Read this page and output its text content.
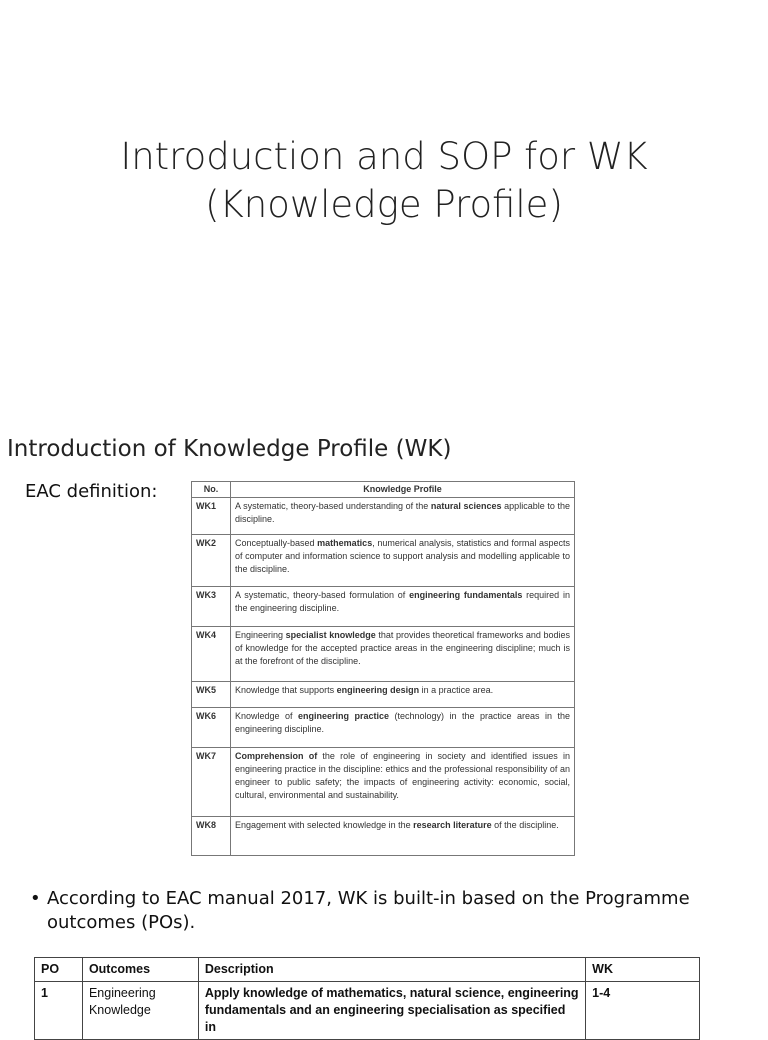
Introduction and SOP for WK
(Knowledge Profile)
Introduction of Knowledge Profile (WK)
EAC definition:	No.	Knowledge Profile
WK1	A systematic, theory-based understanding of the natural sciences applicable to the discipline.
WK2	Conceptually-based mathematics, numerical analysis, statistics and formal aspects of computer and information science to support analysis and modelling applicable to the discipline.
WK3	A systematic, theory-based formulation of engineering fundamentals required in the engineering discipline.
WK4	Engineering specialist knowledge that provides theoretical frameworks and bodies of knowledge for the accepted practice areas in the engineering discipline; much is at the forefront of the discipline.
WK5	Knowledge that supports engineering design in a practice area.
WK6	Knowledge of engineering practice (technology) in the practice areas in the engineering discipline.
WK7	Comprehension of the role of engineering in society and identified issues in engineering practice in the discipline: ethics and the professional responsibility of an engineer to public safety; the impacts of engineering activity: economic, social, cultural, environmental and sustainability.
WK8	Engagement with selected knowledge in the research literature of the discipline.
• According to EAC manual 2017, WK is built-in based on the Programme outcomes (POs).
PO	Outcomes	Description	WK
1	Engineering Knowledge	Apply knowledge of mathematics, natural science, engineering fundamentals and an engineering specialisation as specified in	1-4
